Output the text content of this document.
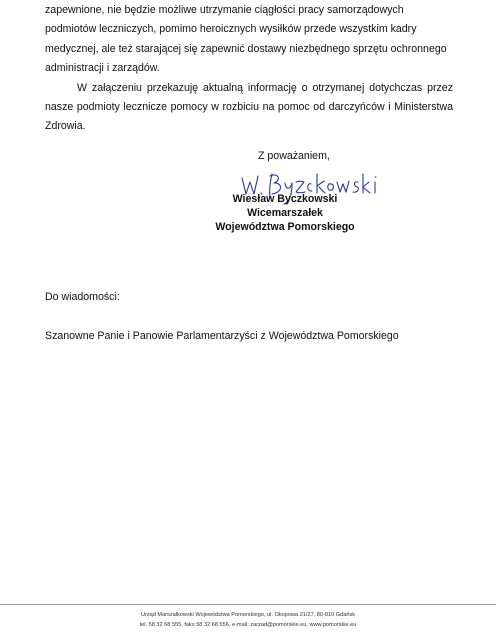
zapewnione, nie będzie możliwe utrzymanie ciągłości pracy samorządowych
podmiotów leczniczych, pomimo heroicznych wysiłków przede wszystkim kadry
medycznej, ale też starającej się zapewnić dostawy niezbędnego sprzętu ochronnego
administracji i zarządów.

W załączeniu przekazuję aktualną informację o otrzymanej dotychczas przez nasze podmioty lecznicze pomocy w rozbiciu na pomoc od darczyńców i Ministerstwa Zdrowia.

Z poważaniem,
Wiesław Byczkowski
Wicemarszałek
Województwa Pomorskiego
Do wiadomości:
Szanowne Panie i Panowie Parlamentarzyści z Województwa Pomorskiego
Urząd Marszałkowski Województwa Pomorskiego, ul. Okopowa 21/27, 80-810 Gdańsk
tel. 58 32 68 555, faks 58 32 68 556, e-mail: zarzad@pomorskie.eu, www.pomorskie.eu
